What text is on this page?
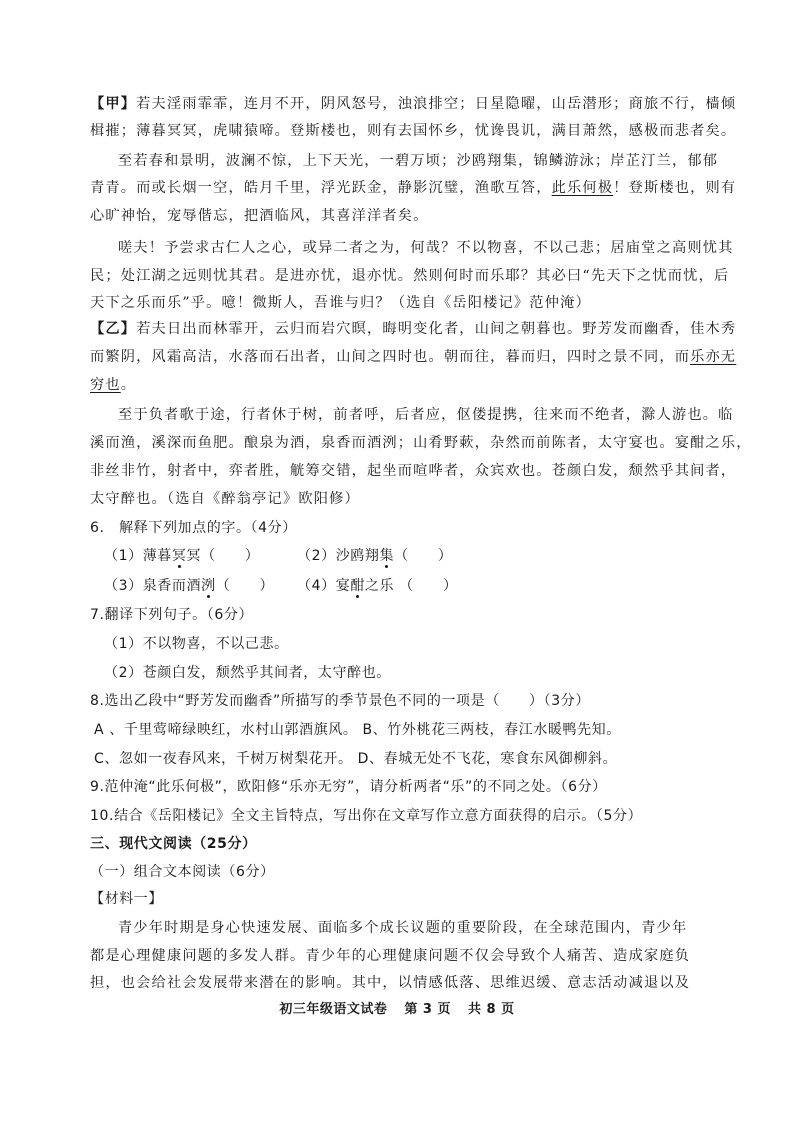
【甲】若夫淫雨霏霏，连月不开，阴风怒号，浊浪排空；日星隐曜，山岳潜形；商旅不行，樯倾
楫摧；薄暮冥冥，虎啸猿啼。登斯楼也，则有去国怀乡，忧谗畏讥，满目萧然，感极而悲者矣。
至若春和景明，波澜不惊，上下天光，一碧万顷；沙鸥翔集，锦鳞游泳；岸芷汀兰，郁郁
青青。而或长烟一空，皓月千里，浮光跃金，静影沉璧，渔歌互答，此乐何极！登斯楼也，则有
心旷神怡，宠辱偕忘，把酒临风，其喜洋洋者矣。
嗟夫！予尝求古仁人之心，或异二者之为，何哉？不以物喜，不以己悲；居庙堂之高则忧其
民；处江湖之远则忧其君。是进亦忧，退亦忧。然则何时而乐耶？其必曰“先天下之忧而忧，后
天下之乐而乐”乎。噫！微斯人，吾谁与归？（选自《岳阳楼记》范仲淹）
【乙】若夫日出而林霏开，云归而岩穴暝，晦明变化者，山间之朝暮也。野芳发而幽香，佳木秀
而繁阴，风霜高洁，水落而石出者，山间之四时也。朝而往，暮而归，四时之景不同，而乐亦无
穷也。
至于负者歌于途，行者休于树，前者呼，后者应，伛偻提携，往来而不绝者，滁人游也。临
溪而渔，溪深而鱼肥。酿泉为酒，泉香而酒洌；山肴野蔌，杂然而前陈者，太守宴也。宴酣之乐，
非丝非竹，射者中，弈者胜，觥筹交错，起坐而喧哗者，众宾欢也。苍颜白发，颓然乎其间者，
太守醉也。（选自《醉翁亭记》欧阳修）
6.　解释下列加点的字。（4分）
（1）薄暮冥冥（　　）	（2）沙鸥翔集（　　）
（3）泉香而酒洌（　　） （4）宴酣之乐 （　　）
7.翻译下列句子。（6分）
（1）不以物喜，不以己悲。
（2）苍颜白发，颓然乎其间者，太守醉也。
8.选出乙段中“野芳发而幽香”所描写的季节景色不同的一项是（　　）（3分）
A 、千里莺啼绿映红，水村山郭酒旗风。 B、竹外桃花三两枝，春江水暖鸭先知。
C、忽如一夜春风来，千树万树梨花开。 D、春城无处不飞花，寒食东风御柳斜。
9.范仲淹“此乐何极”，欧阳修“乐亦无穷”，请分析两者“乐”的不同之处。（6分）
10.结合《岳阳楼记》全文主旨特点，写出你在文章写作立意方面获得的启示。（5分）
三、现代文阅读（25分）
（一）组合文本阅读（6分）
【材料一】
青少年时期是身心快速发展、面临多个成长议题的重要阶段，在全球范围内，青少年
都是心理健康问题的多发人群。青少年的心理健康问题不仅会导致个人痛苦、造成家庭负
担，也会给社会发展带来潜在的影响。其中，以情感低落、思维迟缓、意志活动减退以及
初三年级语文试卷 第 3 页 共 8 页
